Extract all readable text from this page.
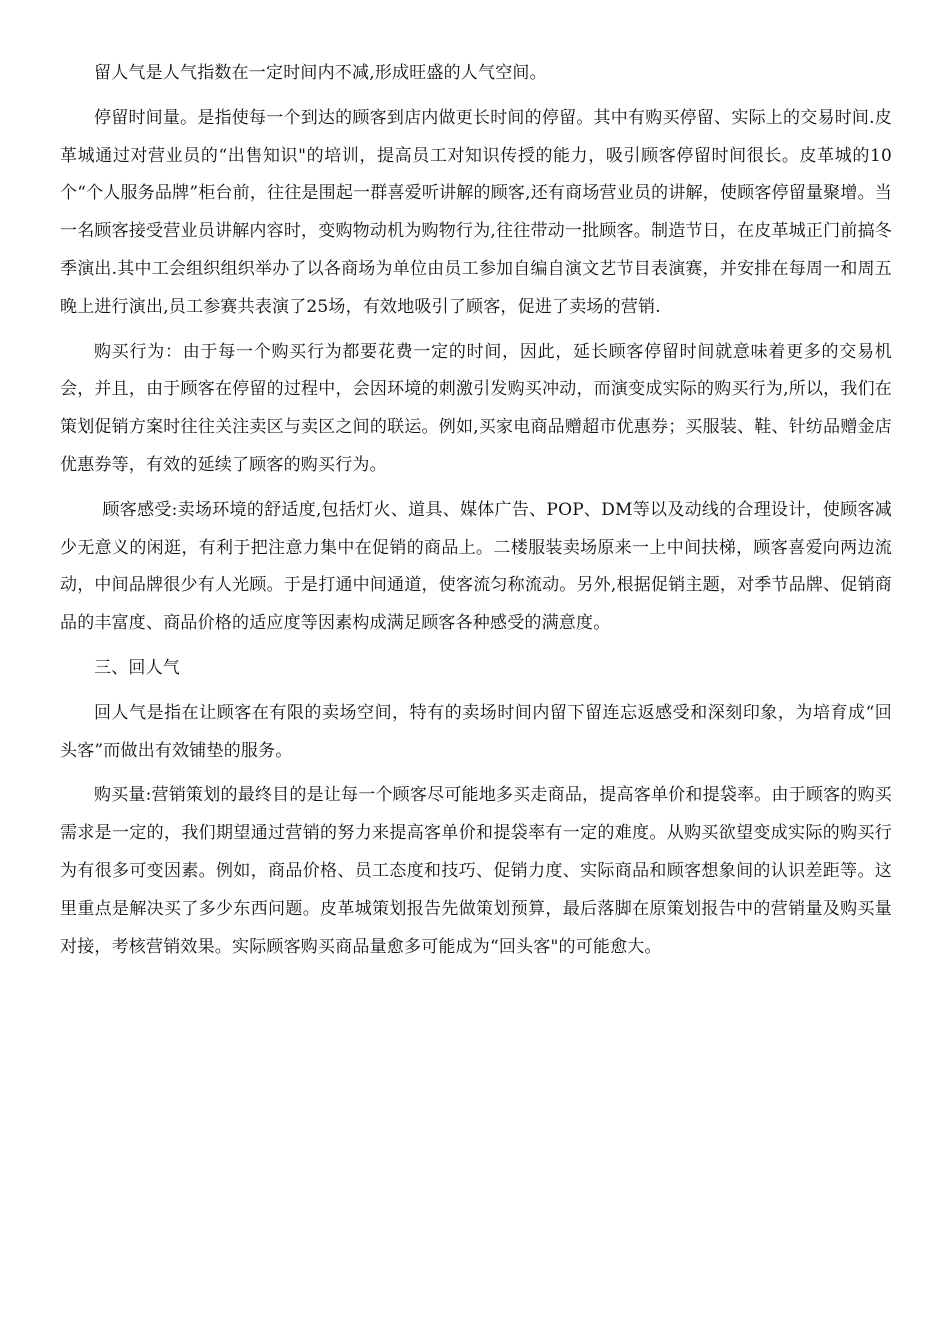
留人气是人气指数在一定时间内不减,形成旺盛的人气空间。

停留时间量。是指使每一个到达的顾客到店内做更长时间的停留。其中有购买停留、实际上的交易时间.皮革城通过对营业员的“出售知识"的培训，提高员工对知识传授的能力，吸引顾客停留时间很长。皮革城的10个“个人服务品牌”柜台前，往往是围起一群喜爱听讲解的顾客,还有商场营业员的讲解，使顾客停留量聚增。当一名顾客接受营业员讲解内容时，变购物动机为购物行为,往往带动一批顾客。制造节日，在皮革城正门前搞冬季演出.其中工会组织组织举办了以各商场为单位由员工参加自编自演文艺节目表演赛，并安排在每周一和周五晚上进行演出,员工参赛共表演了25场，有效地吸引了顾客，促进了卖场的营销.

购买行为：由于每一个购买行为都要花费一定的时间，因此，延长顾客停留时间就意味着更多的交易机会，并且，由于顾客在停留的过程中，会因环境的刺激引发购买冲动，而演变成实际的购买行为,所以，我们在策划促销方案时往往关注卖区与卖区之间的联运。例如,买家电商品赠超市优惠券；买服装、鞋、针纺品赠金店优惠券等，有效的延续了顾客的购买行为。

顾客感受:卖场环境的舒适度,包括灯火、道具、媒体广告、POP、DM等以及动线的合理设计，使顾客减少无意义的闲逛，有利于把注意力集中在促销的商品上。二楼服装卖场原来一上中间扶梯，顾客喜爱向两边流动，中间品牌很少有人光顾。于是打通中间通道，使客流匀称流动。另外,根据促销主题，对季节品牌、促销商品的丰富度、商品价格的适应度等因素构成满足顾客各种感受的满意度。

三、回人气

回人气是指在让顾客在有限的卖场空间，特有的卖场时间内留下留连忘返感受和深刻印象，为培育成“回头客”而做出有效铺垫的服务。

购买量:营销策划的最终目的是让每一个顾客尽可能地多买走商品，提高客单价和提袋率。由于顾客的购买需求是一定的，我们期望通过营销的努力来提高客单价和提袋率有一定的难度。从购买欲望变成实际的购买行为有很多可变因素。例如，商品价格、员工态度和技巧、促销力度、实际商品和顾客想象间的认识差距等。这里重点是解决买了多少东西问题。皮革城策划报告先做策划预算，最后落脚在原策划报告中的营销量及购买量对接，考核营销效果。实际顾客购买商品量愈多可能成为“回头客"的可能愈大。
